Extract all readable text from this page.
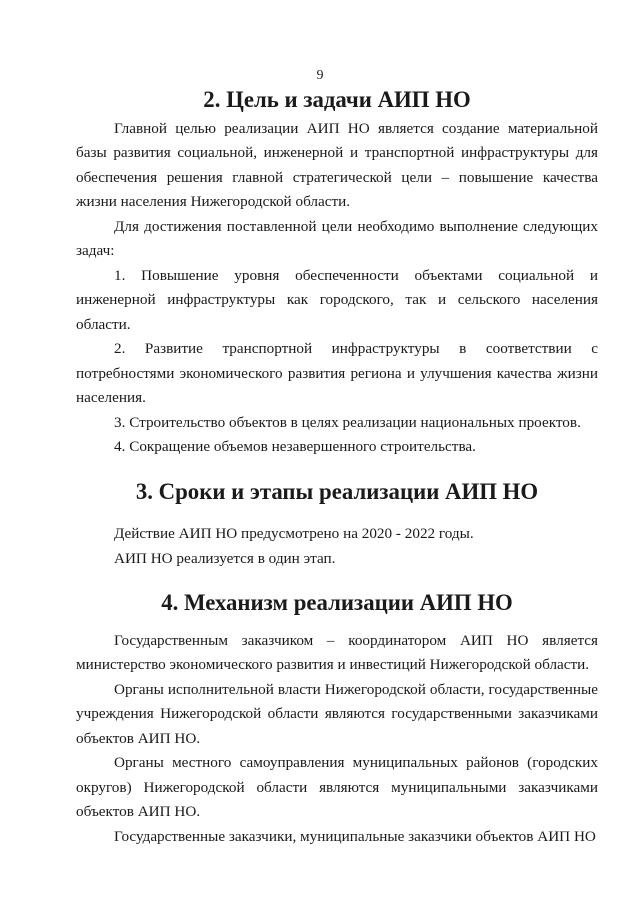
9
2. Цель и задачи АИП НО

Главной целью реализации АИП НО является создание материальной базы развития социальной, инженерной и транспортной инфраструктуры для обеспечения решения главной стратегической цели – повышение качества жизни населения Нижегородской области.

Для достижения поставленной цели необходимо выполнение следующих задач:

1. Повышение уровня обеспеченности объектами социальной и инженерной инфраструктуры как городского, так и сельского населения области.

2. Развитие транспортной инфраструктуры в соответствии с потребностями экономического развития региона и улучшения качества жизни населения.

3. Строительство объектов в целях реализации национальных проектов.

4. Сокращение объемов незавершенного строительства.

3. Сроки и этапы реализации АИП НО

Действие АИП НО предусмотрено на 2020 - 2022 годы.

АИП НО реализуется в один этап.

4. Механизм реализации АИП НО

Государственным заказчиком – координатором АИП НО является министерство экономического развития и инвестиций Нижегородской области.

Органы исполнительной власти Нижегородской области, государственные учреждения Нижегородской области являются государственными заказчиками объектов АИП НО.

Органы местного самоуправления муниципальных районов (городских округов) Нижегородской области являются муниципальными заказчиками объектов АИП НО.

Государственные заказчики, муниципальные заказчики объектов АИП НО
